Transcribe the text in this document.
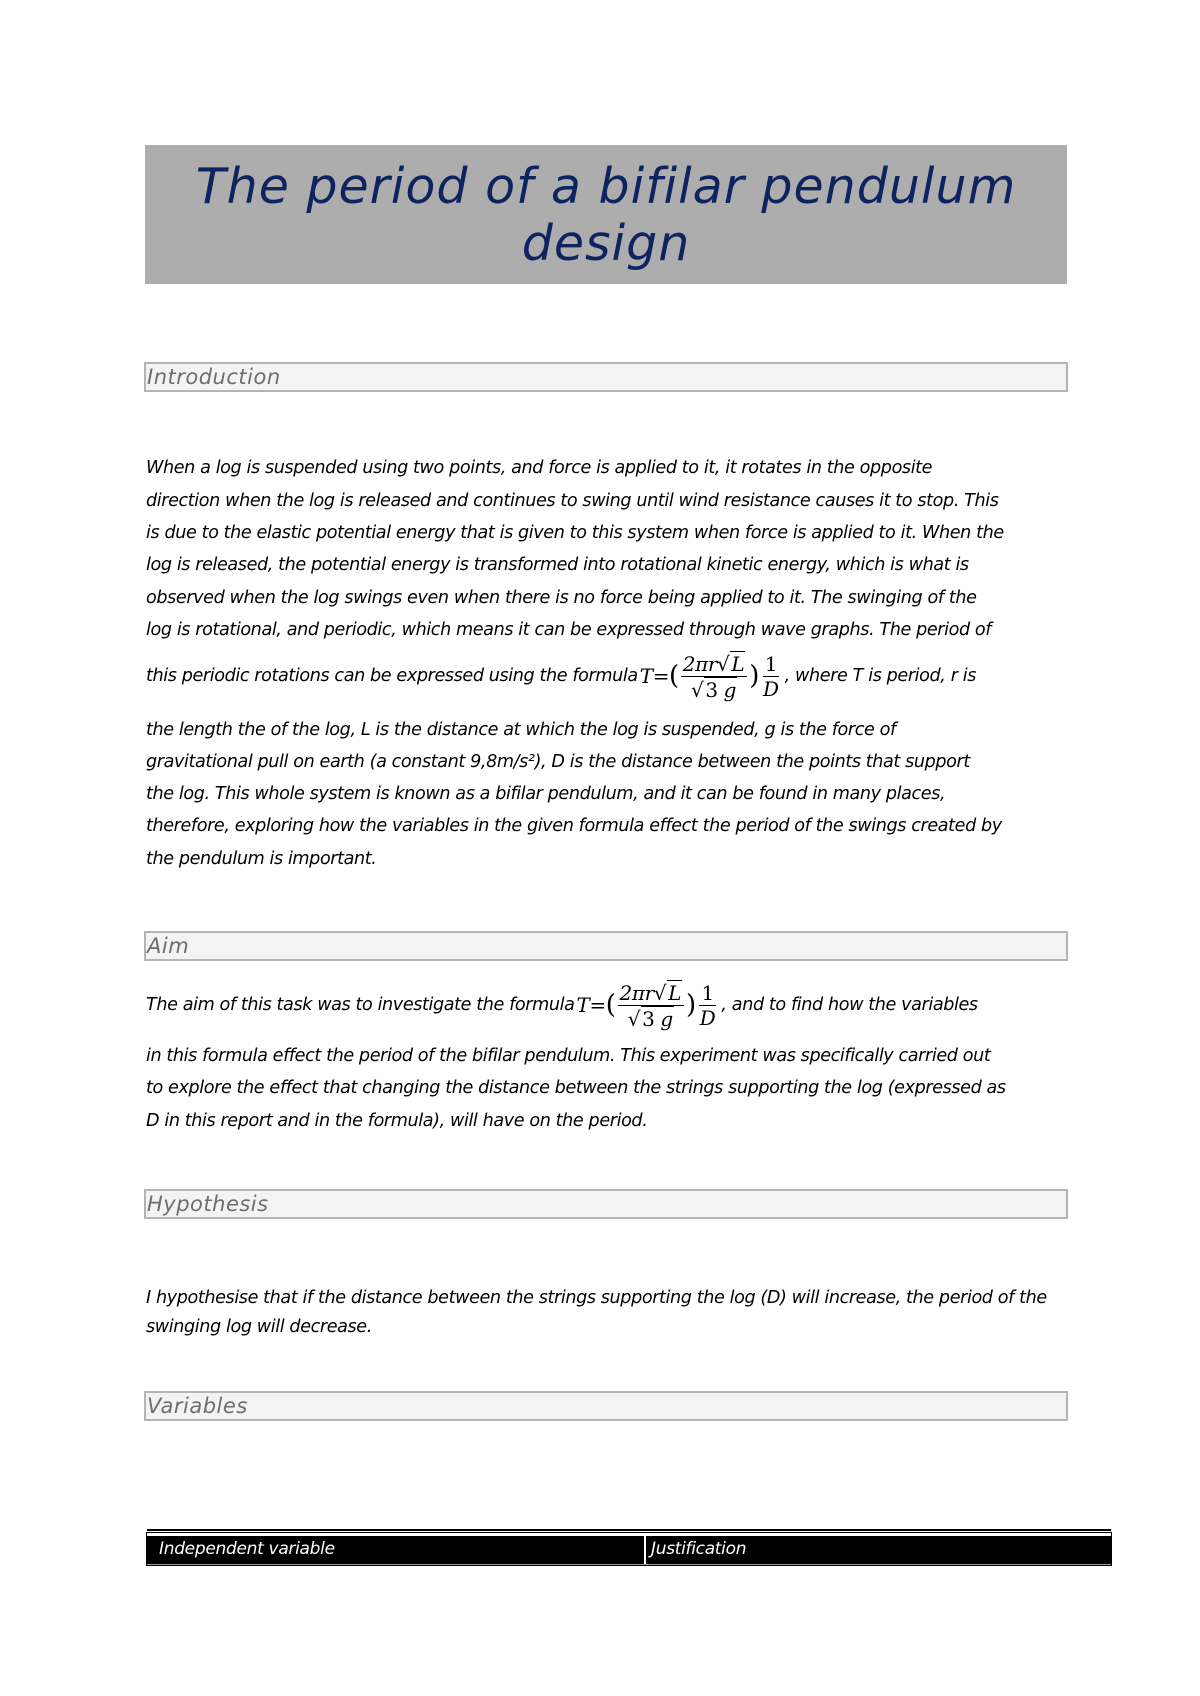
The period of a bifilar pendulum design
Introduction
When a log is suspended using two points, and force is applied to it, it rotates in the opposite
direction when the log is released and continues to swing until wind resistance causes it to stop. This
is due to the elastic potential energy that is given to this system when force is applied to it. When the
log is released, the potential energy is transformed into rotational kinetic energy, which is what is
observed when the log swings even when there is no force being applied to it. The swinging of the
log is rotational, and periodic, which means it can be expressed through wave graphs. The period of
this periodic rotations can be expressed using the formula T = ( $\frac{2\pi r√ L}{√ 3 g}$ ) $\frac{1}{D}$ , where T is period, r is
the length the of the log, L is the distance at which the log is suspended, g is the force of
gravitational pull on earth (a constant 9,8m/s²), D is the distance between the points that support
the log. This whole system is known as a bifilar pendulum, and it can be found in many places,
therefore, exploring how the variables in the given formula effect the period of the swings created by
the pendulum is important.
Aim
The aim of this task was to investigate the formula T = ( $\frac{2\pi r√ L}{√ 3 g}$ ) $\frac{1}{D}$ , and to find how the variables
in this formula effect the period of the bifilar pendulum. This experiment was specifically carried out
to explore the effect that changing the distance between the strings supporting the log (expressed as
D in this report and in the formula), will have on the period.
Hypothesis
I hypothesise that if the distance between the strings supporting the log (D) will increase, the period of the
swinging log will decrease.
Variables
Independent variable	Justification
